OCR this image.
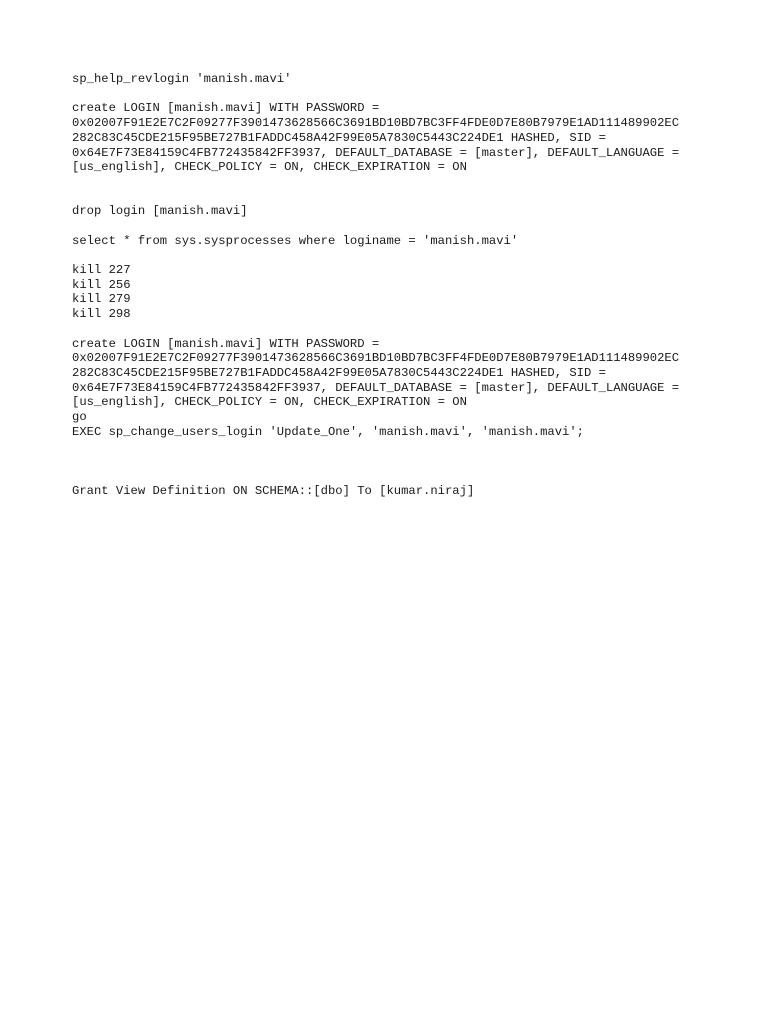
sp_help_revlogin 'manish.mavi'
create LOGIN [manish.mavi] WITH PASSWORD =
0x02007F91E2E7C2F09277F3901473628566C3691BD10BD7BC3FF4FDE0D7E80B7979E1AD111489902EC
282C83C45CDE215F95BE727B1FADDC458A42F99E05A7830C5443C224DE1 HASHED, SID =
0x64E7F73E84159C4FB772435842FF3937, DEFAULT_DATABASE = [master], DEFAULT_LANGUAGE =
[us_english], CHECK_POLICY = ON, CHECK_EXPIRATION = ON
drop login [manish.mavi]
select * from sys.sysprocesses where loginame = 'manish.mavi'
kill 227
kill 256
kill 279
kill 298
create LOGIN [manish.mavi] WITH PASSWORD =
0x02007F91E2E7C2F09277F3901473628566C3691BD10BD7BC3FF4FDE0D7E80B7979E1AD111489902EC
282C83C45CDE215F95BE727B1FADDC458A42F99E05A7830C5443C224DE1 HASHED, SID =
0x64E7F73E84159C4FB772435842FF3937, DEFAULT_DATABASE = [master], DEFAULT_LANGUAGE =
[us_english], CHECK_POLICY = ON, CHECK_EXPIRATION = ON
go
EXEC sp_change_users_login 'Update_One', 'manish.mavi', 'manish.mavi';
Grant View Definition ON SCHEMA::[dbo] To [kumar.niraj]
